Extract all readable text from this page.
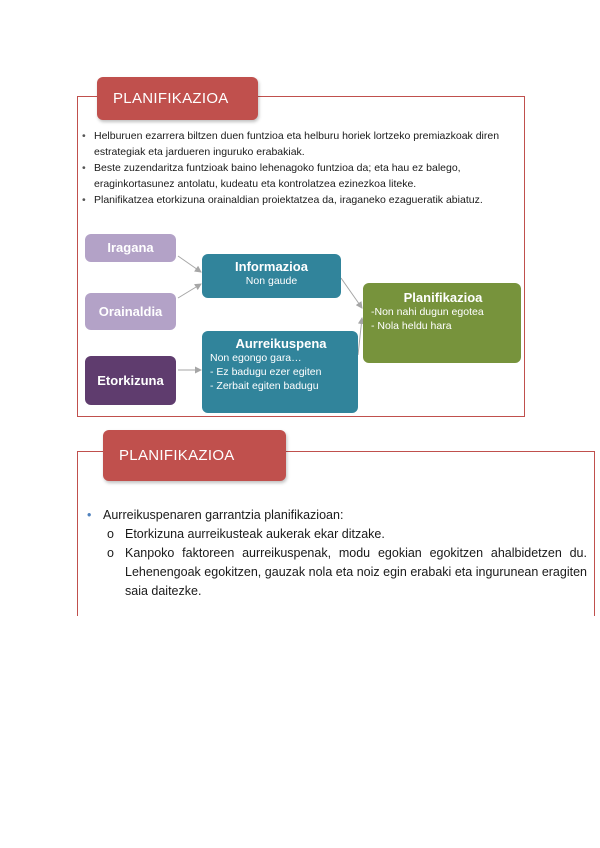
PLANIFIKAZIOA
• Helburuen ezarrera biltzen duen funtzioa eta helburu horiek lortzeko premiazkoak diren estrategiak eta jardueren inguruko erabakiak.
• Beste zuzendaritza funtzioak baino lehenagoko funtzioa da; eta hau ez balego, eraginkortasunez antolatu, kudeatu eta kontrolatzea ezinezkoa liteke.
• Planifikatzea etorkizuna orainaldian proiektatzea da, iraganeko ezagueratik abiatuz.
Iragana
Orainaldia
Etorkizuna
Informazioa
Non gaude
Aurreikuspena
Non egongo gara…
- Ez badugu ezer egiten
- Zerbait egiten badugu
Planifikazioa
-Non nahi dugun egotea
- Nola heldu hara
PLANIFIKAZIOA
• Aurreikuspenaren garrantzia planifikazioan:
o Etorkizuna aurreikusteak aukerak ekar ditzake.
o Kanpoko faktoreen aurreikuspenak, modu egokian egokitzen ahalbidetzen du. Lehenengoak egokitzen, gauzak nola eta noiz egin erabaki eta ingurunean eragiten saia daitezke.
